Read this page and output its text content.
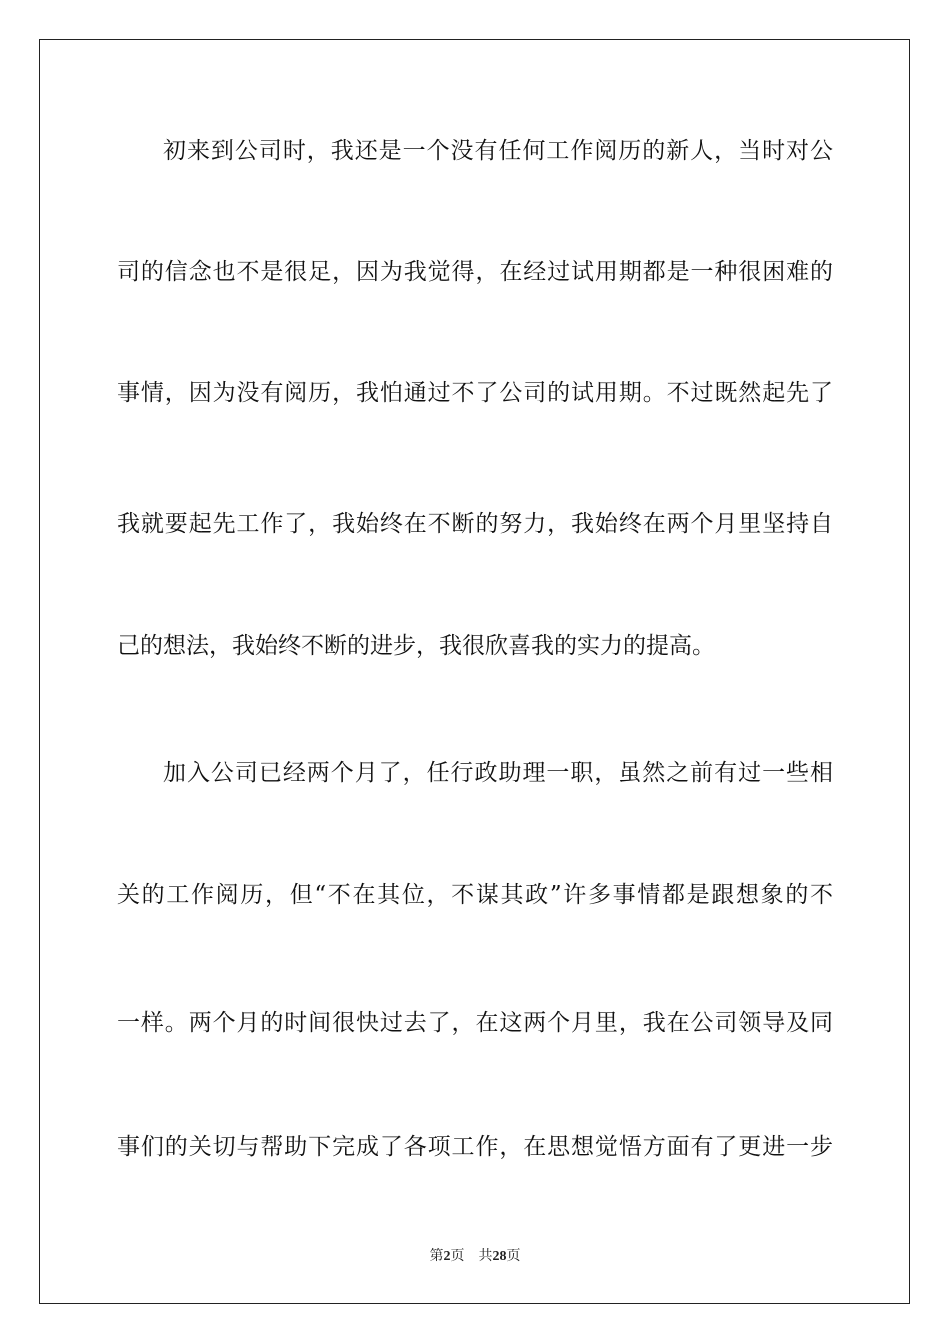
初来到公司时，我还是一个没有任何工作阅历的新人，当时对公
司的信念也不是很足，因为我觉得，在经过试用期都是一种很困难的
事情，因为没有阅历，我怕通过不了公司的试用期。不过既然起先了
我就要起先工作了，我始终在不断的努力，我始终在两个月里坚持自
己的想法，我始终不断的进步，我很欣喜我的实力的提高。
加入公司已经两个月了，任行政助理一职，虽然之前有过一些相
关的工作阅历，但“不在其位，不谋其政”许多事情都是跟想象的不
一样。两个月的时间很快过去了，在这两个月里，我在公司领导及同
事们的关切与帮助下完成了各项工作，在思想觉悟方面有了更进一步
第2页 共28页
